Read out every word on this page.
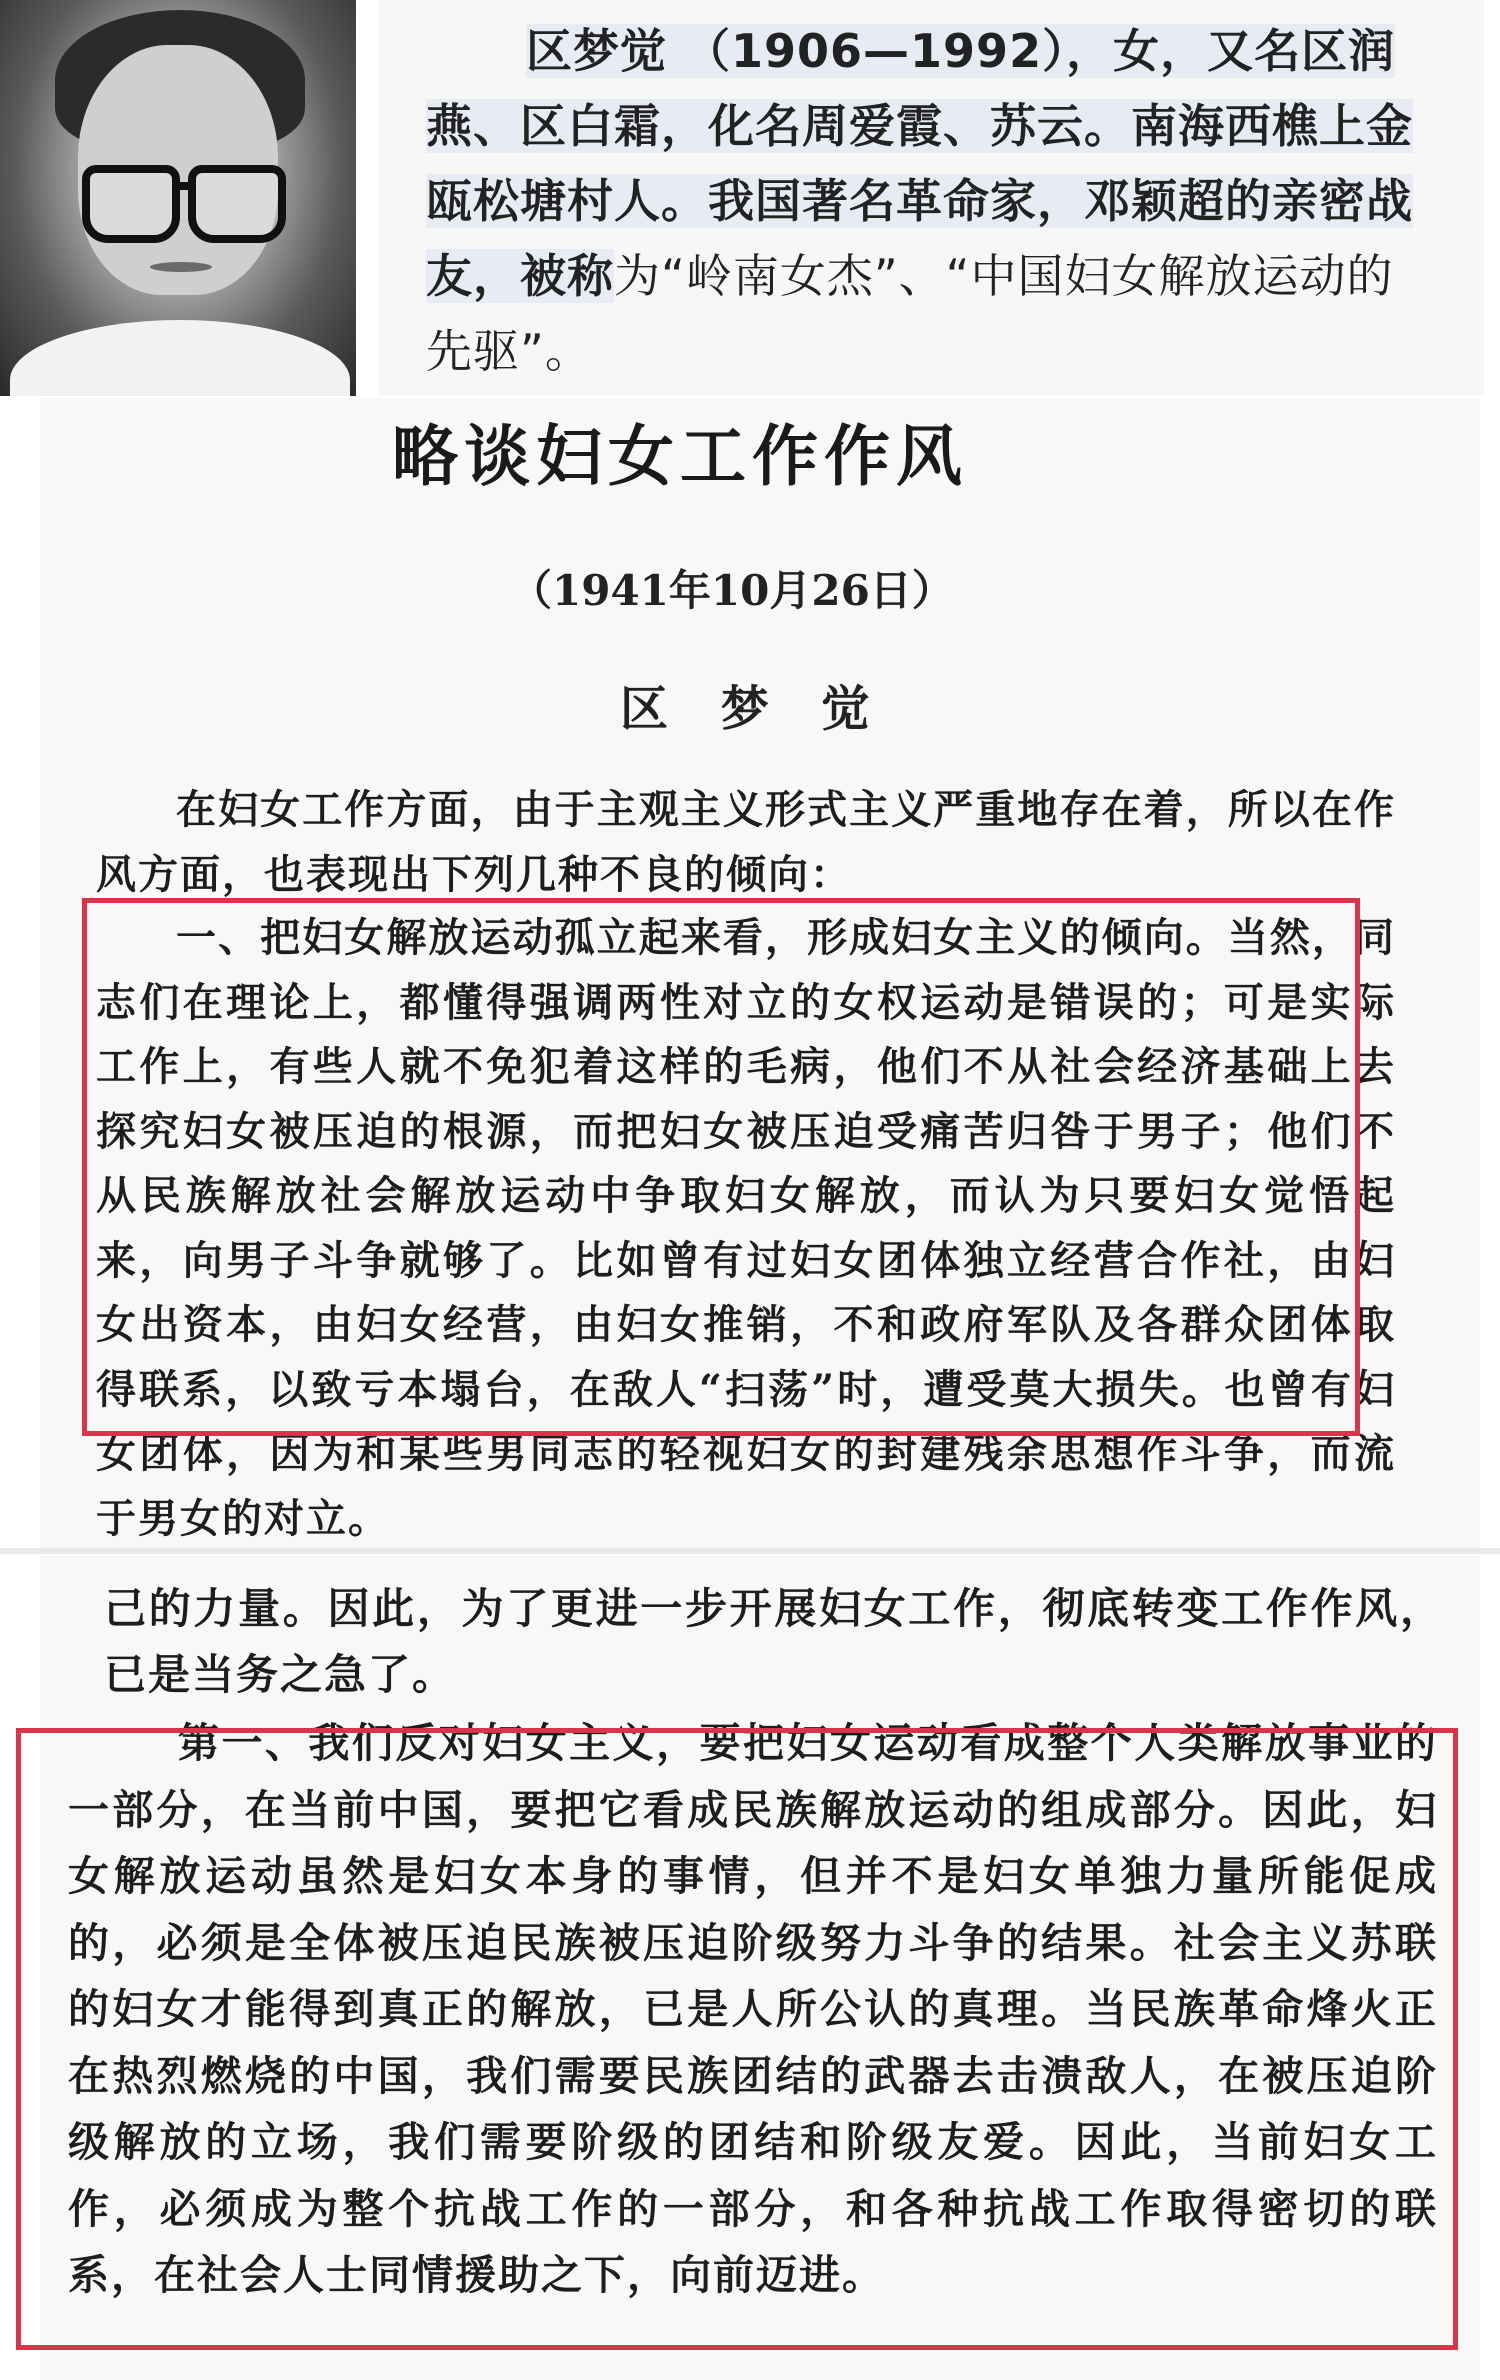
区梦觉 （1906—1992），女，又名区润燕、区白霜，化名周爱霞、苏云。南海西樵上金瓯松塘村人。我国著名革命家，邓颖超的亲密战友，被称为“岭南女杰”、“中国妇女解放运动的先驱”。
略谈妇女工作作风
（1941年10月26日）
区 梦 觉
在妇女工作方面，由于主观主义形式主义严重地存在着，所以在作风方面，也表现出下列几种不良的倾向：
一、把妇女解放运动孤立起来看，形成妇女主义的倾向。当然，同志们在理论上，都懂得强调两性对立的女权运动是错误的；可是实际工作上，有些人就不免犯着这样的毛病，他们不从社会经济基础上去探究妇女被压迫的根源，而把妇女被压迫受痛苦归咎于男子；他们不从民族解放社会解放运动中争取妇女解放，而认为只要妇女觉悟起来，向男子斗争就够了。比如曾有过妇女团体独立经营合作社，由妇女出资本，由妇女经营，由妇女推销，不和政府军队及各群众团体取得联系，以致亏本塌台，在敌人“扫荡”时，遭受莫大损失。也曾有妇女团体，因为和某些男同志的轻视妇女的封建残余思想作斗争，而流于男女的对立。
己的力量。因此，为了更进一步开展妇女工作，彻底转变工作作风，已是当务之急了。
第一、我们反对妇女主义，要把妇女运动看成整个人类解放事业的一部分，在当前中国，要把它看成民族解放运动的组成部分。因此，妇女解放运动虽然是妇女本身的事情，但并不是妇女单独力量所能促成的，必须是全体被压迫民族被压迫阶级努力斗争的结果。社会主义苏联的妇女才能得到真正的解放，已是人所公认的真理。当民族革命烽火正在热烈燃烧的中国，我们需要民族团结的武器去击溃敌人，在被压迫阶级解放的立场，我们需要阶级的团结和阶级友爱。因此，当前妇女工作，必须成为整个抗战工作的一部分，和各种抗战工作取得密切的联系，在社会人士同情援助之下，向前迈进。
